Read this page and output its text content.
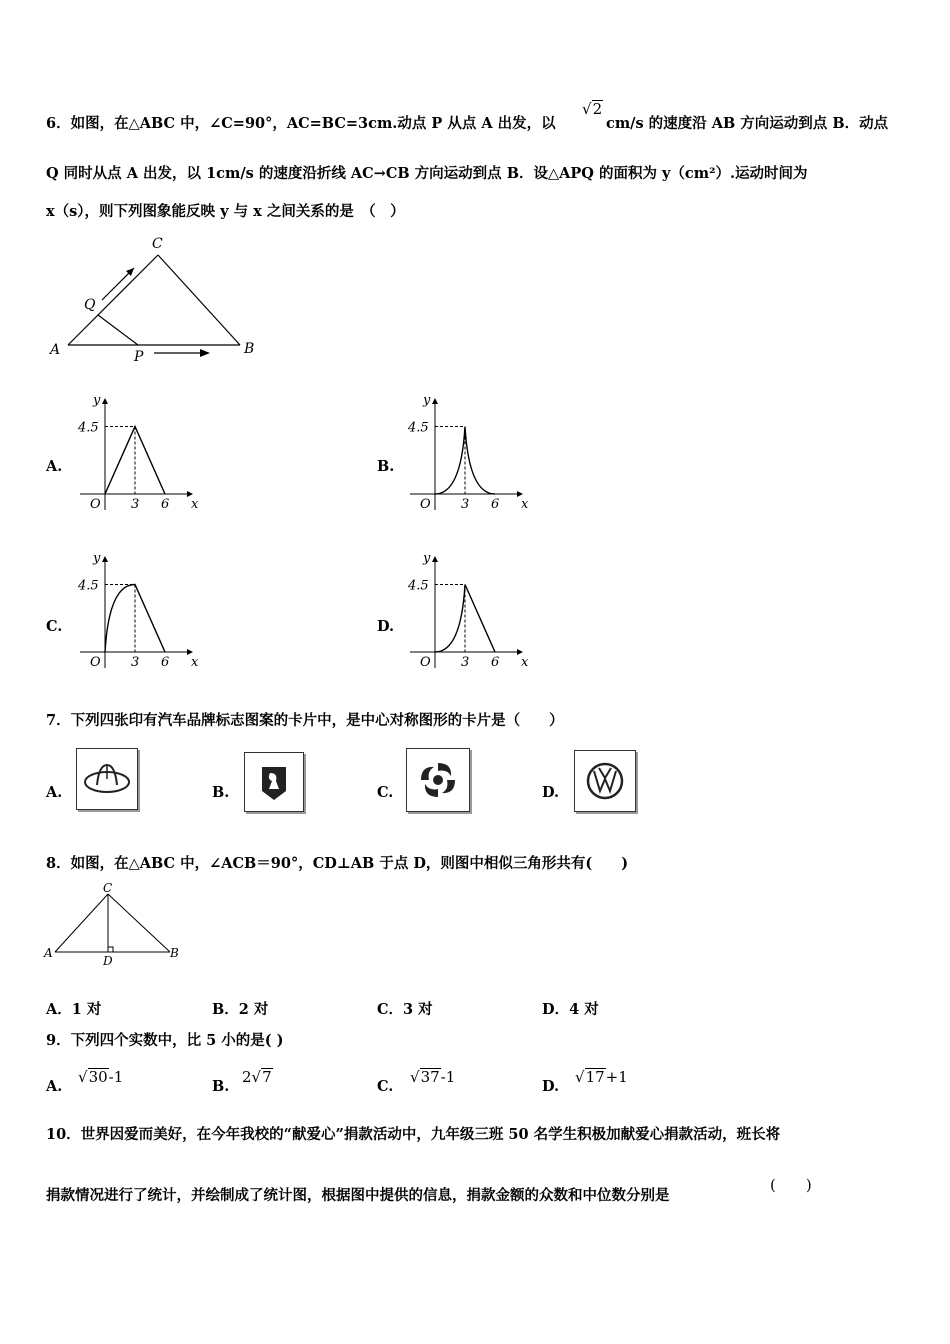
6．如图，在△ABC 中，∠C=90°，AC=BC=3cm.动点 P 从点 A 出发，以
√2
cm/s 的速度沿 AB 方向运动到点 B．动点
Q 同时从点 A 出发，以 1cm/s 的速度沿折线 AC→CB 方向运动到点 B．设△APQ 的面积为 y（cm²）.运动时间为
x（s），则下列图象能反映 y 与 x 之间关系的是　（　）
C
Q
A	P	B
A.
y
4.5
O 3 6 x
B.
y
4.5
O 3 6 x
C.
y
4.5
O 3 6 x
D.
y
4.5
O 3 6 x
7．下列四张印有汽车品牌标志图案的卡片中，是中心对称图形的卡片是（　　）
A.	B.	C.	D.
8．如图，在△ABC 中，∠ACB＝90°，CD⊥AB 于点 D，则图中相似三角形共有(　　)
C
A	B
D
A．1 对	B．2 对	C．3 对	D．4 对
9．下列四个实数中，比 5 小的是( )
A.
√30-1
B.
2√7
C.
√37-1
D.
√17+1
10．世界因爱而美好，在今年我校的“献爱心”捐款活动中，九年级三班 50 名学生积极加献爱心捐款活动，班长将
捐款情况进行了统计，并绘制成了统计图，根据图中提供的信息，捐款金额的众数和中位数分别是
(　　)
